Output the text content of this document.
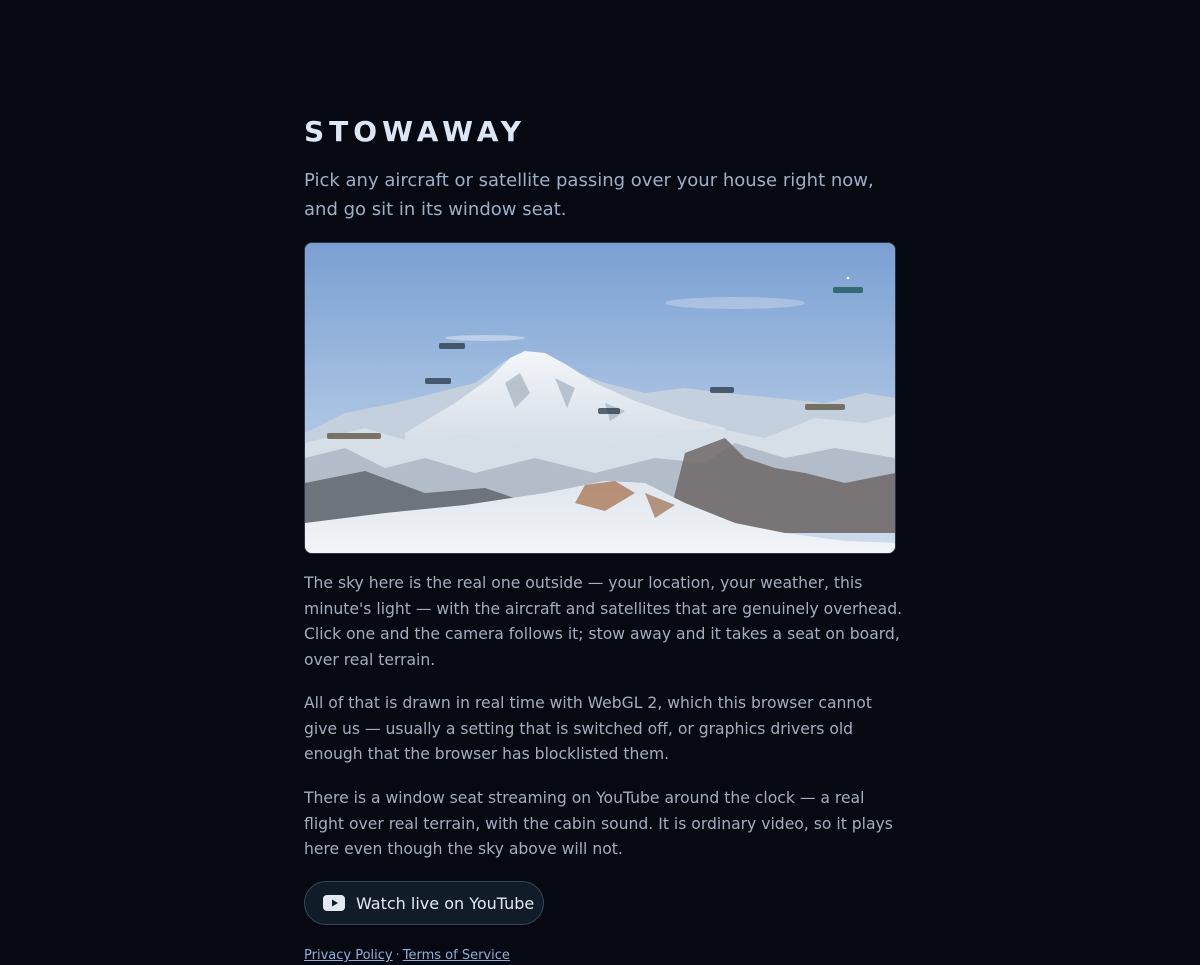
STOWAWAY

Pick any aircraft or satellite passing over your house right now, and go sit in its window seat.

The sky here is the real one outside — your location, your weather, this minute's light — with the aircraft and satellites that are genuinely overhead. Click one and the camera follows it; stow away and it takes a seat on board, over real terrain.

All of that is drawn in real time with WebGL 2, which this browser cannot give us — usually a setting that is switched off, or graphics drivers old enough that the browser has blocklisted them.

There is a window seat streaming on YouTube around the clock — a real flight over real terrain, with the cabin sound. It is ordinary video, so it plays here even though the sky above will not.

Watch live on YouTube
Privacy Policy · Terms of Service
